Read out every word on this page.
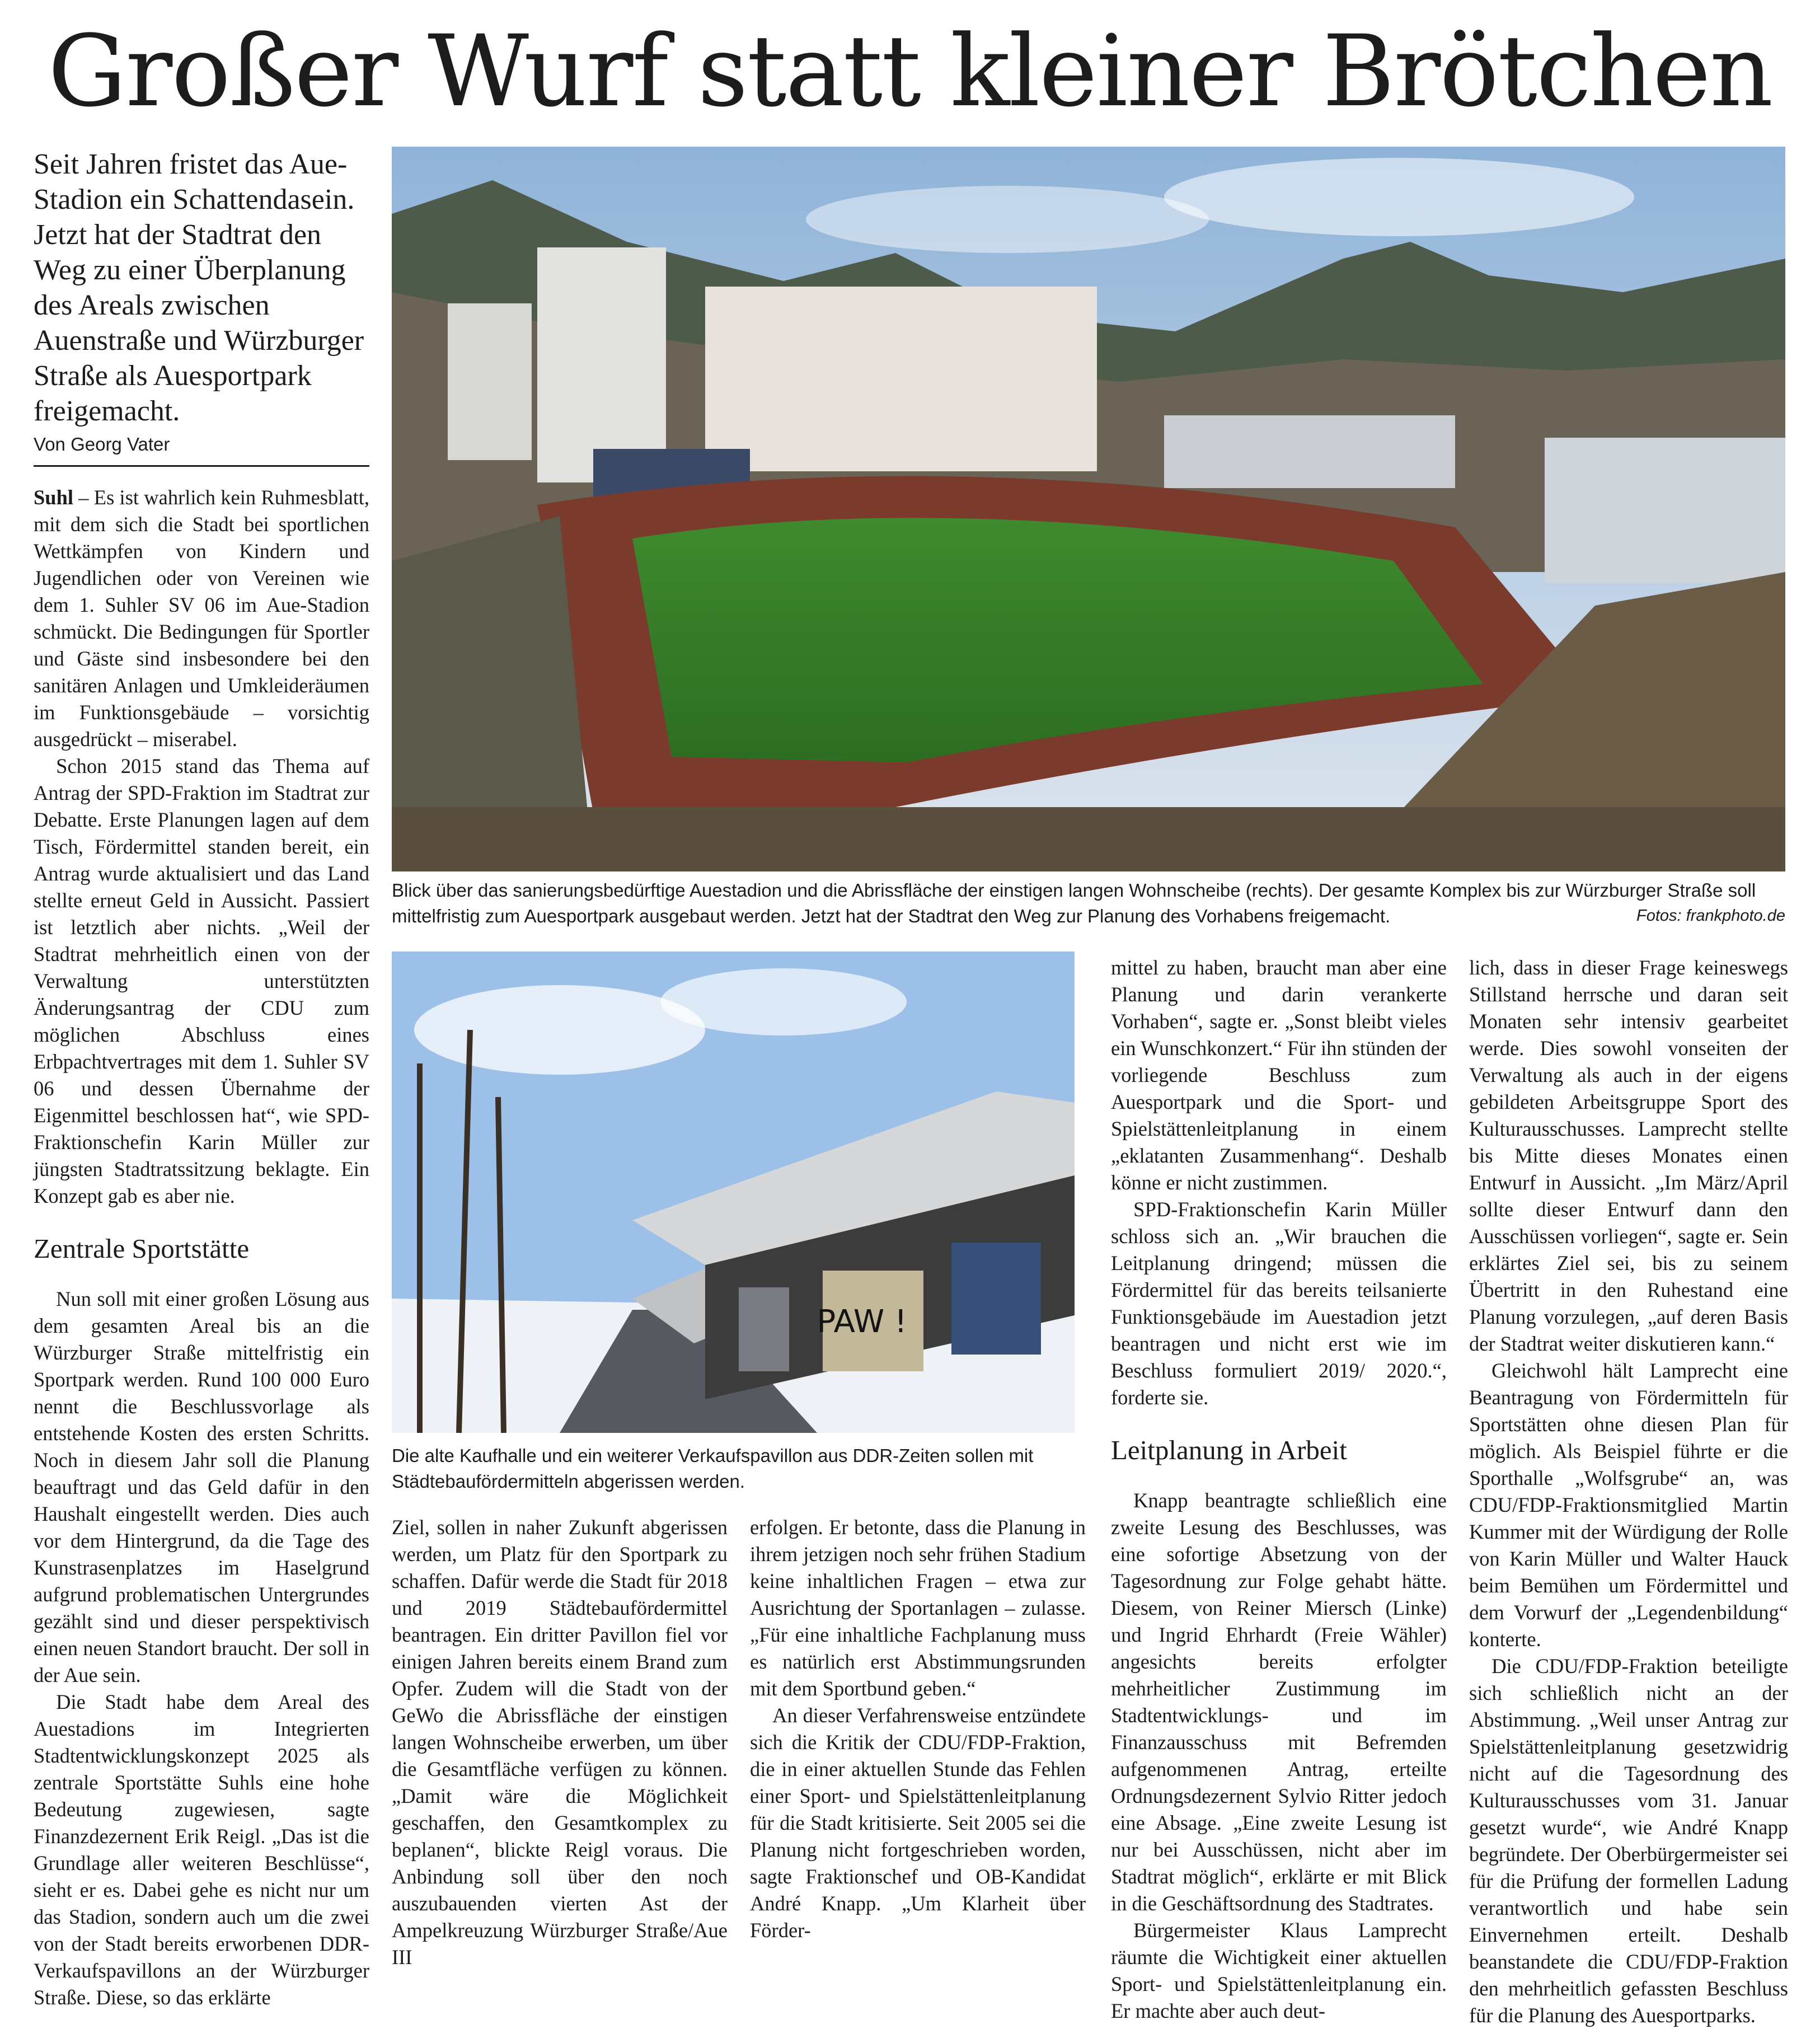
Großer Wurf statt kleiner Brötchen

Seit Jahren fristet das Aue-Stadion ein Schattendasein. Jetzt hat der Stadtrat den Weg zu einer Überplanung des Areals zwischen Auenstraße und Würzburger Straße als Auesportpark freigemacht.

Von Georg Vater

Suhl – Es ist wahrlich kein Ruhmesblatt, mit dem sich die Stadt bei sportlichen Wettkämpfen von Kindern und Jugendlichen oder von Vereinen wie dem 1. Suhler SV 06 im Aue-Stadion schmückt. Die Bedingungen für Sportler und Gäste sind insbesondere bei den sanitären Anlagen und Umkleideräumen im Funktionsgebäude – vorsichtig ausgedrückt – miserabel.

Schon 2015 stand das Thema auf Antrag der SPD-Fraktion im Stadtrat zur Debatte. Erste Planungen lagen auf dem Tisch, Fördermittel standen bereit, ein Antrag wurde aktualisiert und das Land stellte erneut Geld in Aussicht. Passiert ist letztlich aber nichts. „Weil der Stadtrat mehrheitlich einen von der Verwaltung unterstützten Änderungsantrag der CDU zum möglichen Abschluss eines Erbpachtvertrages mit dem 1. Suhler SV 06 und dessen Übernahme der Eigenmittel beschlossen hat“, wie SPD-Fraktionschefin Karin Müller zur jüngsten Stadtratssitzung beklagte. Ein Konzept gab es aber nie.

Zentrale Sportstätte

Nun soll mit einer großen Lösung aus dem gesamten Areal bis an die Würzburger Straße mittelfristig ein Sportpark werden. Rund 100 000 Euro nennt die Beschlussvorlage als entstehende Kosten des ersten Schritts. Noch in diesem Jahr soll die Planung beauftragt und das Geld dafür in den Haushalt eingestellt werden. Dies auch vor dem Hintergrund, da die Tage des Kunstrasenplatzes im Haselgrund aufgrund problematischen Untergrundes gezählt sind und dieser perspektivisch einen neuen Standort braucht. Der soll in der Aue sein.

Die Stadt habe dem Areal des Auestadions im Integrierten Stadtentwicklungskonzept 2025 als zentrale Sportstätte Suhls eine hohe Bedeutung zugewiesen, sagte Finanzdezernent Erik Reigl. „Das ist die Grundlage aller weiteren Beschlüsse“, sieht er es. Dabei gehe es nicht nur um das Stadion, sondern auch um die zwei von der Stadt bereits erworbenen DDR-Verkaufspavillons an der Würzburger Straße. Diese, so das erklärte

Blick über das sanierungsbedürftige Auestadion und die Abrissfläche der einstigen langen Wohnscheibe (rechts). Der gesamte Komplex bis zur Würzburger Straße soll mittelfristig zum Auesportpark ausgebaut werden. Jetzt hat der Stadtrat den Weg zur Planung des Vorhabens freigemacht.	Fotos: frankphoto.de
PAW !

Die alte Kaufhalle und ein weiterer Verkaufspavillon aus DDR-Zeiten sollen mit Städtebaufördermitteln abgerissen werden.

Ziel, sollen in naher Zukunft abgerissen werden, um Platz für den Sportpark zu schaffen. Dafür werde die Stadt für 2018 und 2019 Städtebaufördermittel beantragen. Ein dritter Pavillon fiel vor einigen Jahren bereits einem Brand zum Opfer. Zudem will die Stadt von der GeWo die Abrissfläche der einstigen langen Wohnscheibe erwerben, um über die Gesamtfläche verfügen zu können. „Damit wäre die Möglichkeit geschaffen, den Gesamtkomplex zu beplanen“, blickte Reigl voraus. Die Anbindung soll über den noch auszubauenden vierten Ast der Ampelkreuzung Würzburger Straße/Aue III

erfolgen. Er betonte, dass die Planung in ihrem jetzigen noch sehr frühen Stadium keine inhaltlichen Fragen – etwa zur Ausrichtung der Sportanlagen – zulasse. „Für eine inhaltliche Fachplanung muss es natürlich erst Abstimmungsrunden mit dem Sportbund geben.“

An dieser Verfahrensweise entzündete sich die Kritik der CDU/FDP-Fraktion, die in einer aktuellen Stunde das Fehlen einer Sport- und Spielstättenleitplanung für die Stadt kritisierte. Seit 2005 sei die Planung nicht fortgeschrieben worden, sagte Fraktionschef und OB-Kandidat André Knapp. „Um Klarheit über Förder-

mittel zu haben, braucht man aber eine Planung und darin verankerte Vorhaben“, sagte er. „Sonst bleibt vieles ein Wunschkonzert.“ Für ihn stünden der vorliegende Beschluss zum Auesportpark und die Sport- und Spielstättenleitplanung in einem „eklatanten Zusammenhang“. Deshalb könne er nicht zustimmen.

SPD-Fraktionschefin Karin Müller schloss sich an. „Wir brauchen die Leitplanung dringend; müssen die Fördermittel für das bereits teilsanierte Funktionsgebäude im Auestadion jetzt beantragen und nicht erst wie im Beschluss formuliert 2019/ 2020.“, forderte sie.

Leitplanung in Arbeit

Knapp beantragte schließlich eine zweite Lesung des Beschlusses, was eine sofortige Absetzung von der Tagesordnung zur Folge gehabt hätte. Diesem, von Reiner Miersch (Linke) und Ingrid Ehrhardt (Freie Wähler) angesichts bereits erfolgter mehrheitlicher Zustimmung im Stadtentwicklungs- und im Finanzausschuss mit Befremden aufgenommenen Antrag, erteilte Ordnungsdezernent Sylvio Ritter jedoch eine Absage. „Eine zweite Lesung ist nur bei Ausschüssen, nicht aber im Stadtrat möglich“, erklärte er mit Blick in die Geschäftsordnung des Stadtrates.

Bürgermeister Klaus Lamprecht räumte die Wichtigkeit einer aktuellen Sport- und Spielstättenleitplanung ein. Er machte aber auch deut-

lich, dass in dieser Frage keineswegs Stillstand herrsche und daran seit Monaten sehr intensiv gearbeitet werde. Dies sowohl vonseiten der Verwaltung als auch in der eigens gebildeten Arbeitsgruppe Sport des Kulturausschusses. Lamprecht stellte bis Mitte dieses Monates einen Entwurf in Aussicht. „Im März/April sollte dieser Entwurf dann den Ausschüssen vorliegen“, sagte er. Sein erklärtes Ziel sei, bis zu seinem Übertritt in den Ruhestand eine Planung vorzulegen, „auf deren Basis der Stadtrat weiter diskutieren kann.“

Gleichwohl hält Lamprecht eine Beantragung von Fördermitteln für Sportstätten ohne diesen Plan für möglich. Als Beispiel führte er die Sporthalle „Wolfsgrube“ an, was CDU/FDP-Fraktionsmitglied Martin Kummer mit der Würdigung der Rolle von Karin Müller und Walter Hauck beim Bemühen um Fördermittel und dem Vorwurf der „Legendenbildung“ konterte.

Die CDU/FDP-Fraktion beteiligte sich schließlich nicht an der Abstimmung. „Weil unser Antrag zur Spielstättenleitplanung gesetzwidrig nicht auf die Tagesordnung des Kulturausschusses vom 31. Januar gesetzt wurde“, wie André Knapp begründete. Der Oberbürgermeister sei für die Prüfung der formellen Ladung verantwortlich und habe sein Einvernehmen erteilt. Deshalb beanstandete die CDU/FDP-Fraktion den mehrheitlich gefassten Beschluss für die Planung des Auesportparks.
